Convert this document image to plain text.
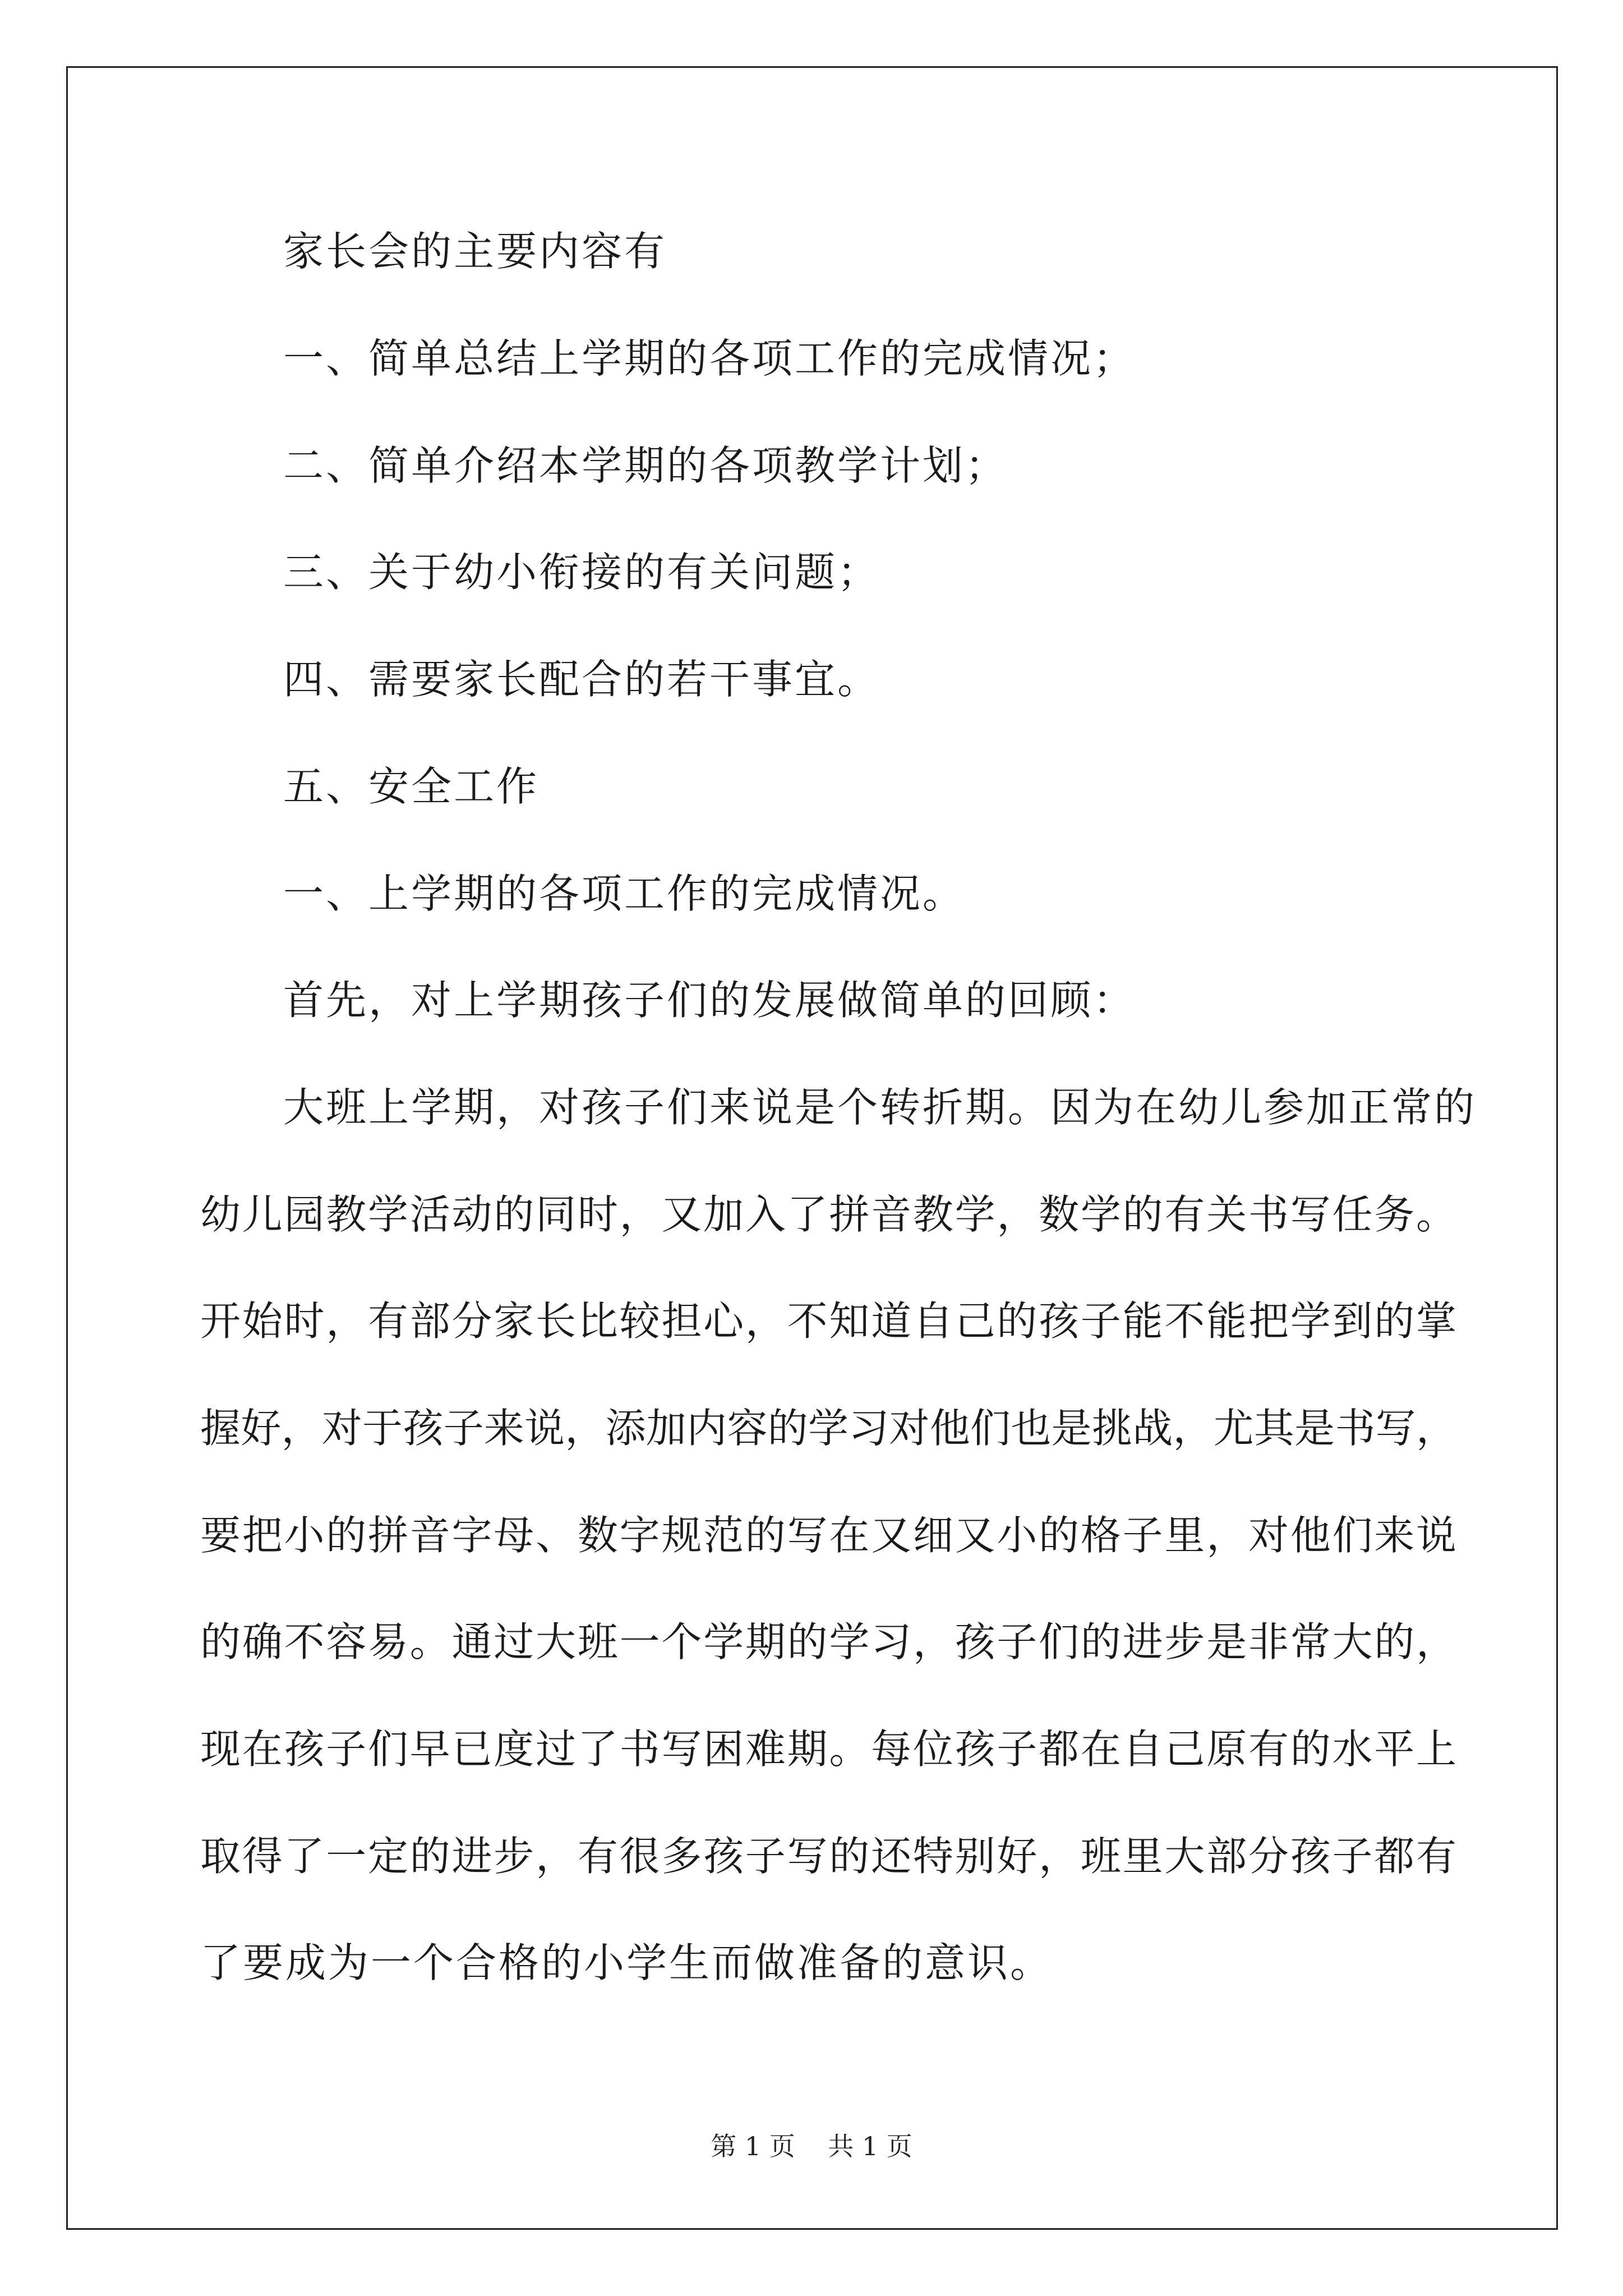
家长会的主要内容有
一、简单总结上学期的各项工作的完成情况；
二、简单介绍本学期的各项教学计划；
三、关于幼小衔接的有关问题；
四、需要家长配合的若干事宜。
五、安全工作
一、上学期的各项工作的完成情况。
首先，对上学期孩子们的发展做简单的回顾：
大班上学期，对孩子们来说是个转折期。因为在幼儿参加正常的
幼儿园教学活动的同时，又加入了拼音教学，数学的有关书写任务。
开始时，有部分家长比较担心，不知道自己的孩子能不能把学到的掌
握好，对于孩子来说，添加内容的学习对他们也是挑战，尤其是书写，
要把小的拼音字母、数字规范的写在又细又小的格子里，对他们来说
的确不容易。通过大班一个学期的学习，孩子们的进步是非常大的，
现在孩子们早已度过了书写困难期。每位孩子都在自己原有的水平上
取得了一定的进步，有很多孩子写的还特别好，班里大部分孩子都有
了要成为一个合格的小学生而做准备的意识。
第 1 页    共 1 页
